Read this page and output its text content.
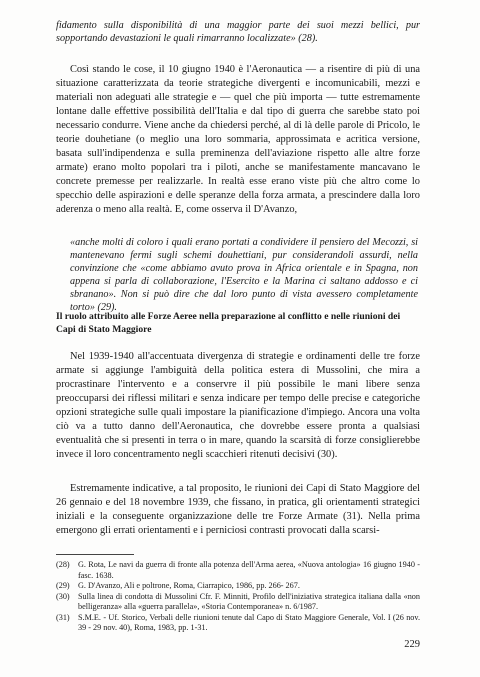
fidamento sulla disponibilità di una maggior parte dei suoi mezzi bellici, pur sopportando devastazioni le quali rimarranno localizzate» (28).

Così stando le cose, il 10 giugno 1940 è l'Aeronautica — a risentire di più di una situazione caratterizzata da teorie strategiche divergenti e incomunicabili, mezzi e materiali non adeguati alle strategie e — quel che più importa — tutte estremamente lontane dalle effettive possibilità dell'Italia e dal tipo di guerra che sarebbe stato poi necessario condurre. Viene anche da chiedersi perché, al di là delle parole di Pricolo, le teorie douhetiane (o meglio una loro sommaria, approssimata e acritica versione, basata sull'indipendenza e sulla preminenza dell'aviazione rispetto alle altre forze armate) erano molto popolari tra i piloti, anche se manifestamente mancavano le concrete premesse per realizzarle. In realtà esse erano viste più che altro come lo specchio delle aspirazioni e delle speranze della forza armata, a prescindere dalla loro aderenza o meno alla realtà. E, come osserva il D'Avanzo,

«anche molti di coloro i quali erano portati a condividere il pensiero del Mecozzi, si mantenevano fermi sugli schemi douhettiani, pur considerandoli assurdi, nella convinzione che «come abbiamo avuto prova in Africa orientale e in Spagna, non appena si parla di collaborazione, l'Esercito e la Marina ci saltano addosso e ci sbranano». Non si può dire che dal loro punto di vista avessero completamente torto» (29).

Il ruolo attribuito alle Forze Aeree nella preparazione al conflitto e nelle riunioni dei Capi di Stato Maggiore

Nel 1939-1940 all'accentuata divergenza di strategie e ordinamenti delle tre forze armate si aggiunge l'ambiguità della politica estera di Mussolini, che mira a procrastinare l'intervento e a conservre il più possibile le mani libere senza preoccuparsi dei riflessi militari e senza indicare per tempo delle precise e categoriche opzioni strategiche sulle quali impostare la pianificazione d'impiego. Ancora una volta ciò va a tutto danno dell'Aeronautica, che dovrebbe essere pronta a qualsiasi eventualità che si presenti in terra o in mare, quando la scarsità di forze consiglierebbe invece il loro concentramento negli scacchieri ritenuti decisivi (30).

Estremamente indicative, a tal proposito, le riunioni dei Capi di Stato Maggiore del 26 gennaio e del 18 novembre 1939, che fissano, in pratica, gli orientamenti strategici iniziali e la conseguente organizzazione delle tre Forze Armate (31). Nella prima emergono gli errati orientamenti e i perniciosi contrasti provocati dalla scarsi-

(28)	G. Rota, Le navi da guerra di fronte alla potenza dell'Arma aerea, «Nuova antologia» 16 giugno 1940 - fasc. 1638.
(29)	G. D'Avanzo, Ali e poltrone, Roma, Ciarrapico, 1986, pp. 266- 267.
(30)	Sulla linea di condotta di Mussolini Cfr. F. Minniti, Profilo dell'iniziativa strategica italiana dalla «non belligeranza» alla «guerra parallela», «Storia Contemporanea» n. 6/1987.
(31)	S.M.E. - Uf. Storico, Verbali delle riunioni tenute dal Capo di Stato Maggiore Generale, Vol. I (26 nov. 39 - 29 nov. 40), Roma, 1983, pp. 1-31.
229
